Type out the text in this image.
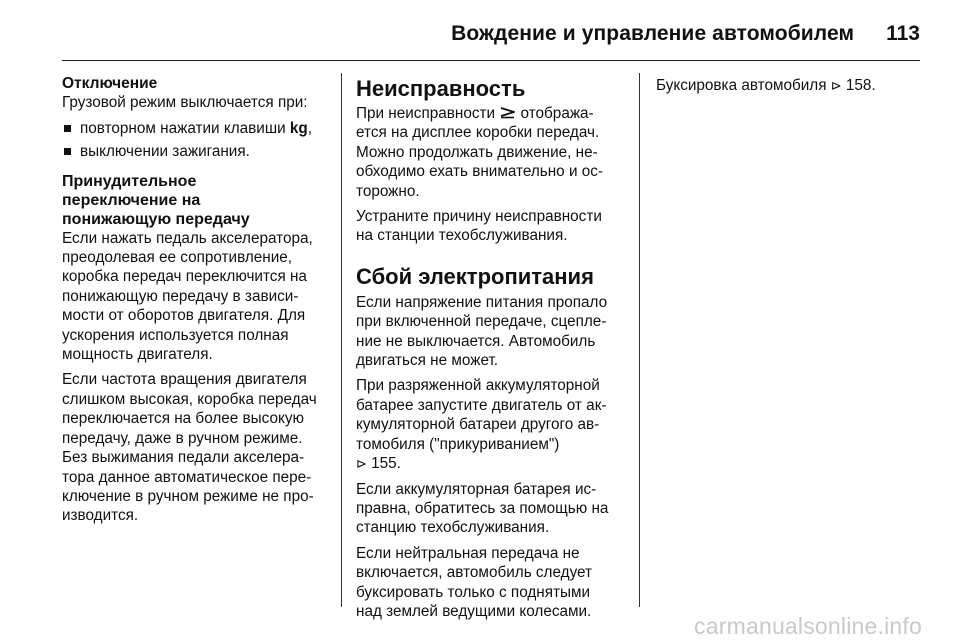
Вождение и управление автомобилем 113
Отключение

Грузовой режим выключается при:

повторном нажатии клавиши kg,
выключении зажигания.
Принудительное
переключение на
понижающую передачу

Если нажать педаль акселератора,
преодолевая ее сопротивление,
коробка передач переключится на
понижающую передачу в зависи-
мости от оборотов двигателя. Для
ускорения используется полная
мощность двигателя.

Если частота вращения двигателя
слишком высокая, коробка передач
переключается на более высокую
передачу, даже в ручном режиме.
Без выжимания педали акселера-
тора данное автоматическое пере-
ключение в ручном режиме не про-
изводится.

Неисправность

При неисправности  отобража-
ется на дисплее коробки передач.
Можно продолжать движение, не-
обходимо ехать внимательно и ос-
торожно.

Устраните причину неисправности
на станции техобслуживания.

Сбой электропитания

Если напряжение питания пропало
при включенной передаче, сцепле-
ние не выключается. Автомобиль
двигаться не может.

При разряженной аккумуляторной
батарее запустите двигатель от ак-
кумуляторной батареи другого ав-
томобиля ("прикуриванием")
⊳ 155.

Если аккумуляторная батарея ис-
правна, обратитесь за помощью на
станцию техобслуживания.

Если нейтральная передача не
включается, автомобиль следует
буксировать только с поднятыми
над землей ведущими колесами.

Буксировка автомобиля ⊳ 158.

carmanualsonline.info
